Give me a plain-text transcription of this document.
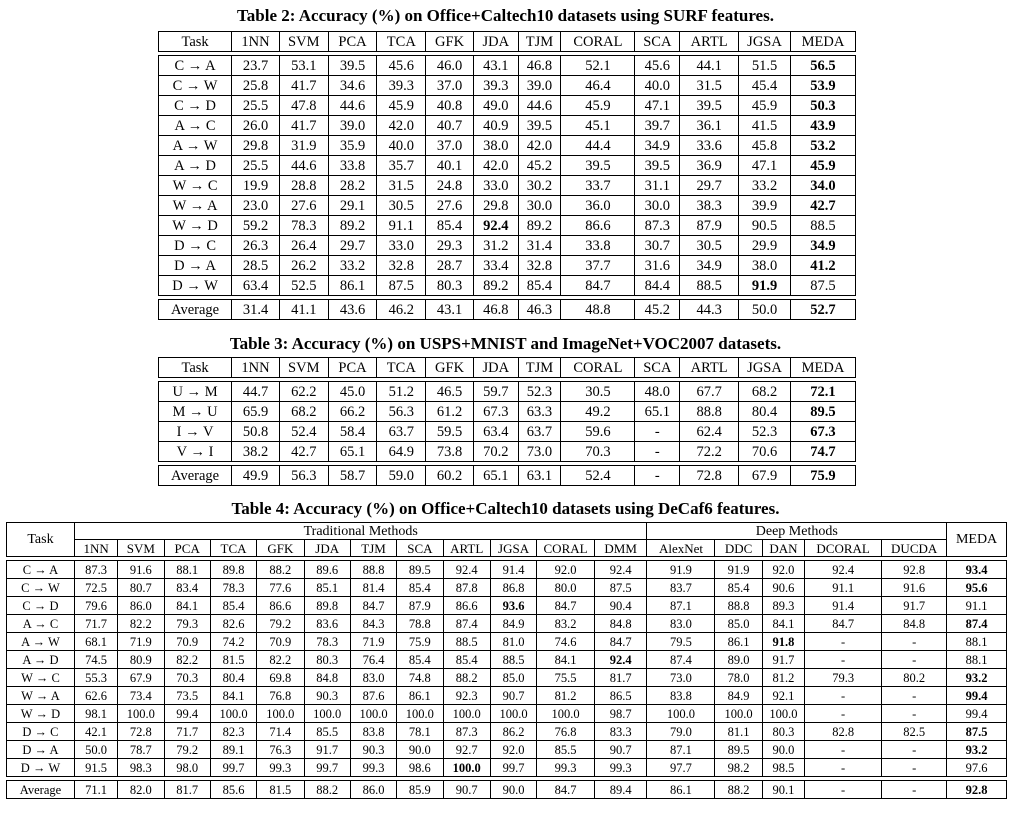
Table 2: Accuracy (%) on Office+Caltech10 datasets using SURF features.

Task	1NN	SVM	PCA	TCA	GFK	JDA	TJM	CORAL	SCA	ARTL	JGSA	MEDA

C → A	23.7	53.1	39.5	45.6	46.0	43.1	46.8	52.1	45.6	44.1	51.5	56.5
C → W	25.8	41.7	34.6	39.3	37.0	39.3	39.0	46.4	40.0	31.5	45.4	53.9
C → D	25.5	47.8	44.6	45.9	40.8	49.0	44.6	45.9	47.1	39.5	45.9	50.3
A → C	26.0	41.7	39.0	42.0	40.7	40.9	39.5	45.1	39.7	36.1	41.5	43.9
A → W	29.8	31.9	35.9	40.0	37.0	38.0	42.0	44.4	34.9	33.6	45.8	53.2
A → D	25.5	44.6	33.8	35.7	40.1	42.0	45.2	39.5	39.5	36.9	47.1	45.9
W → C	19.9	28.8	28.2	31.5	24.8	33.0	30.2	33.7	31.1	29.7	33.2	34.0
W → A	23.0	27.6	29.1	30.5	27.6	29.8	30.0	36.0	30.0	38.3	39.9	42.7
W → D	59.2	78.3	89.2	91.1	85.4	92.4	89.2	86.6	87.3	87.9	90.5	88.5
D → C	26.3	26.4	29.7	33.0	29.3	31.2	31.4	33.8	30.7	30.5	29.9	34.9
D → A	28.5	26.2	33.2	32.8	28.7	33.4	32.8	37.7	31.6	34.9	38.0	41.2
D → W	63.4	52.5	86.1	87.5	80.3	89.2	85.4	84.7	84.4	88.5	91.9	87.5

Average	31.4	41.1	43.6	46.2	43.1	46.8	46.3	48.8	45.2	44.3	50.0	52.7

Table 3: Accuracy (%) on USPS+MNIST and ImageNet+VOC2007 datasets.

Task	1NN	SVM	PCA	TCA	GFK	JDA	TJM	CORAL	SCA	ARTL	JGSA	MEDA

U → M	44.7	62.2	45.0	51.2	46.5	59.7	52.3	30.5	48.0	67.7	68.2	72.1
M → U	65.9	68.2	66.2	56.3	61.2	67.3	63.3	49.2	65.1	88.8	80.4	89.5
I → V	50.8	52.4	58.4	63.7	59.5	63.4	63.7	59.6	-	62.4	52.3	67.3
V → I	38.2	42.7	65.1	64.9	73.8	70.2	73.0	70.3	-	72.2	70.6	74.7

Average	49.9	56.3	58.7	59.0	60.2	65.1	63.1	52.4	-	72.8	67.9	75.9

Table 4: Accuracy (%) on Office+Caltech10 datasets using DeCaf6 features.

Task	Traditional Methods												Deep Methods					MEDA
	1NN	SVM	PCA	TCA	GFK	JDA	TJM	SCA	ARTL	JGSA	CORAL	DMM	AlexNet	DDC	DAN	DCORAL	DUCDA	

C → A	87.3	91.6	88.1	89.8	88.2	89.6	88.8	89.5	92.4	91.4	92.0	92.4	91.9	91.9	92.0	92.4	92.8	93.4
C → W	72.5	80.7	83.4	78.3	77.6	85.1	81.4	85.4	87.8	86.8	80.0	87.5	83.7	85.4	90.6	91.1	91.6	95.6
C → D	79.6	86.0	84.1	85.4	86.6	89.8	84.7	87.9	86.6	93.6	84.7	90.4	87.1	88.8	89.3	91.4	91.7	91.1
A → C	71.7	82.2	79.3	82.6	79.2	83.6	84.3	78.8	87.4	84.9	83.2	84.8	83.0	85.0	84.1	84.7	84.8	87.4
A → W	68.1	71.9	70.9	74.2	70.9	78.3	71.9	75.9	88.5	81.0	74.6	84.7	79.5	86.1	91.8	-	-	88.1
A → D	74.5	80.9	82.2	81.5	82.2	80.3	76.4	85.4	85.4	88.5	84.1	92.4	87.4	89.0	91.7	-	-	88.1
W → C	55.3	67.9	70.3	80.4	69.8	84.8	83.0	74.8	88.2	85.0	75.5	81.7	73.0	78.0	81.2	79.3	80.2	93.2
W → A	62.6	73.4	73.5	84.1	76.8	90.3	87.6	86.1	92.3	90.7	81.2	86.5	83.8	84.9	92.1	-	-	99.4
W → D	98.1	100.0	99.4	100.0	100.0	100.0	100.0	100.0	100.0	100.0	100.0	98.7	100.0	100.0	100.0	-	-	99.4
D → C	42.1	72.8	71.7	82.3	71.4	85.5	83.8	78.1	87.3	86.2	76.8	83.3	79.0	81.1	80.3	82.8	82.5	87.5
D → A	50.0	78.7	79.2	89.1	76.3	91.7	90.3	90.0	92.7	92.0	85.5	90.7	87.1	89.5	90.0	-	-	93.2
D → W	91.5	98.3	98.0	99.7	99.3	99.7	99.3	98.6	100.0	99.7	99.3	99.3	97.7	98.2	98.5	-	-	97.6

Average	71.1	82.0	81.7	85.6	81.5	88.2	86.0	85.9	90.7	90.0	84.7	89.4	86.1	88.2	90.1	-	-	92.8
